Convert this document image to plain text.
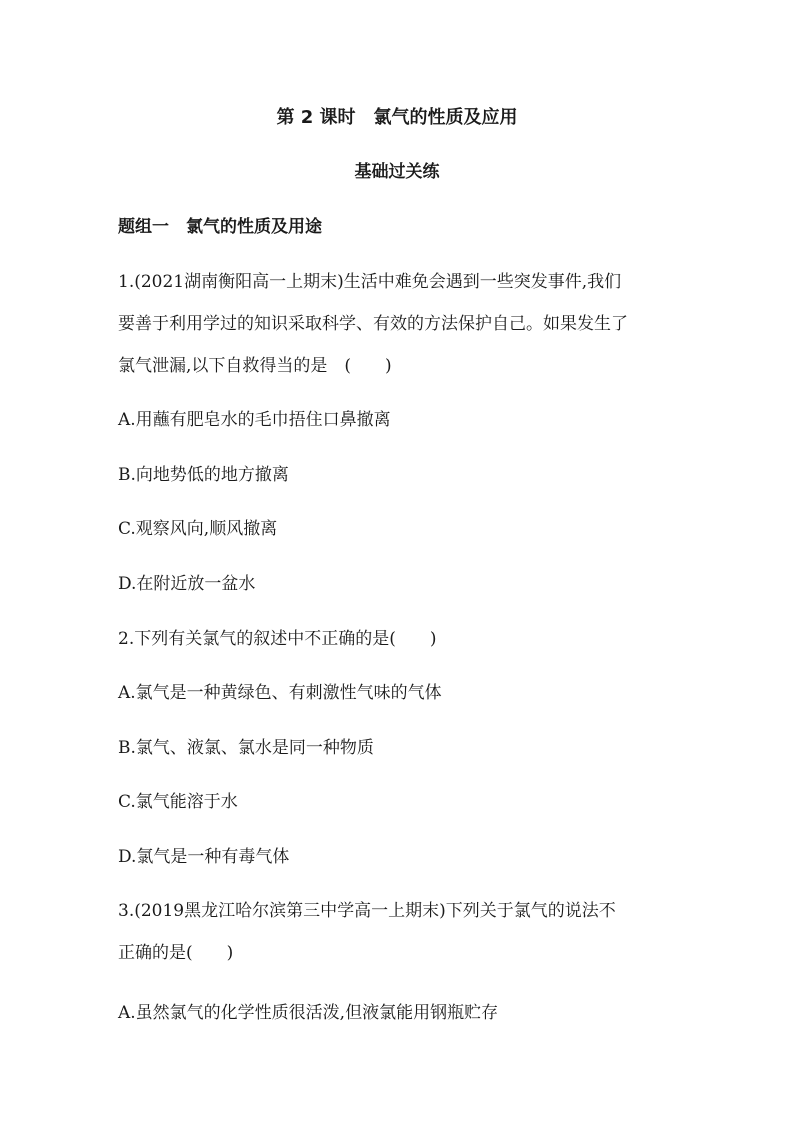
第 2 课时　氯气的性质及应用
基础过关练
题组一　氯气的性质及用途
1.(2021湖南衡阳高一上期末)生活中难免会遇到一些突发事件,我们
要善于利用学过的知识采取科学、有效的方法保护自己。如果发生了
氯气泄漏,以下自救得当的是　(　　)
A.用蘸有肥皂水的毛巾捂住口鼻撤离
B.向地势低的地方撤离
C.观察风向,顺风撤离
D.在附近放一盆水
2.下列有关氯气的叙述中不正确的是(　　)
A.氯气是一种黄绿色、有刺激性气味的气体
B.氯气、液氯、氯水是同一种物质
C.氯气能溶于水
D.氯气是一种有毒气体
3.(2019黑龙江哈尔滨第三中学高一上期末)下列关于氯气的说法不
正确的是(　　)
A.虽然氯气的化学性质很活泼,但液氯能用钢瓶贮存
